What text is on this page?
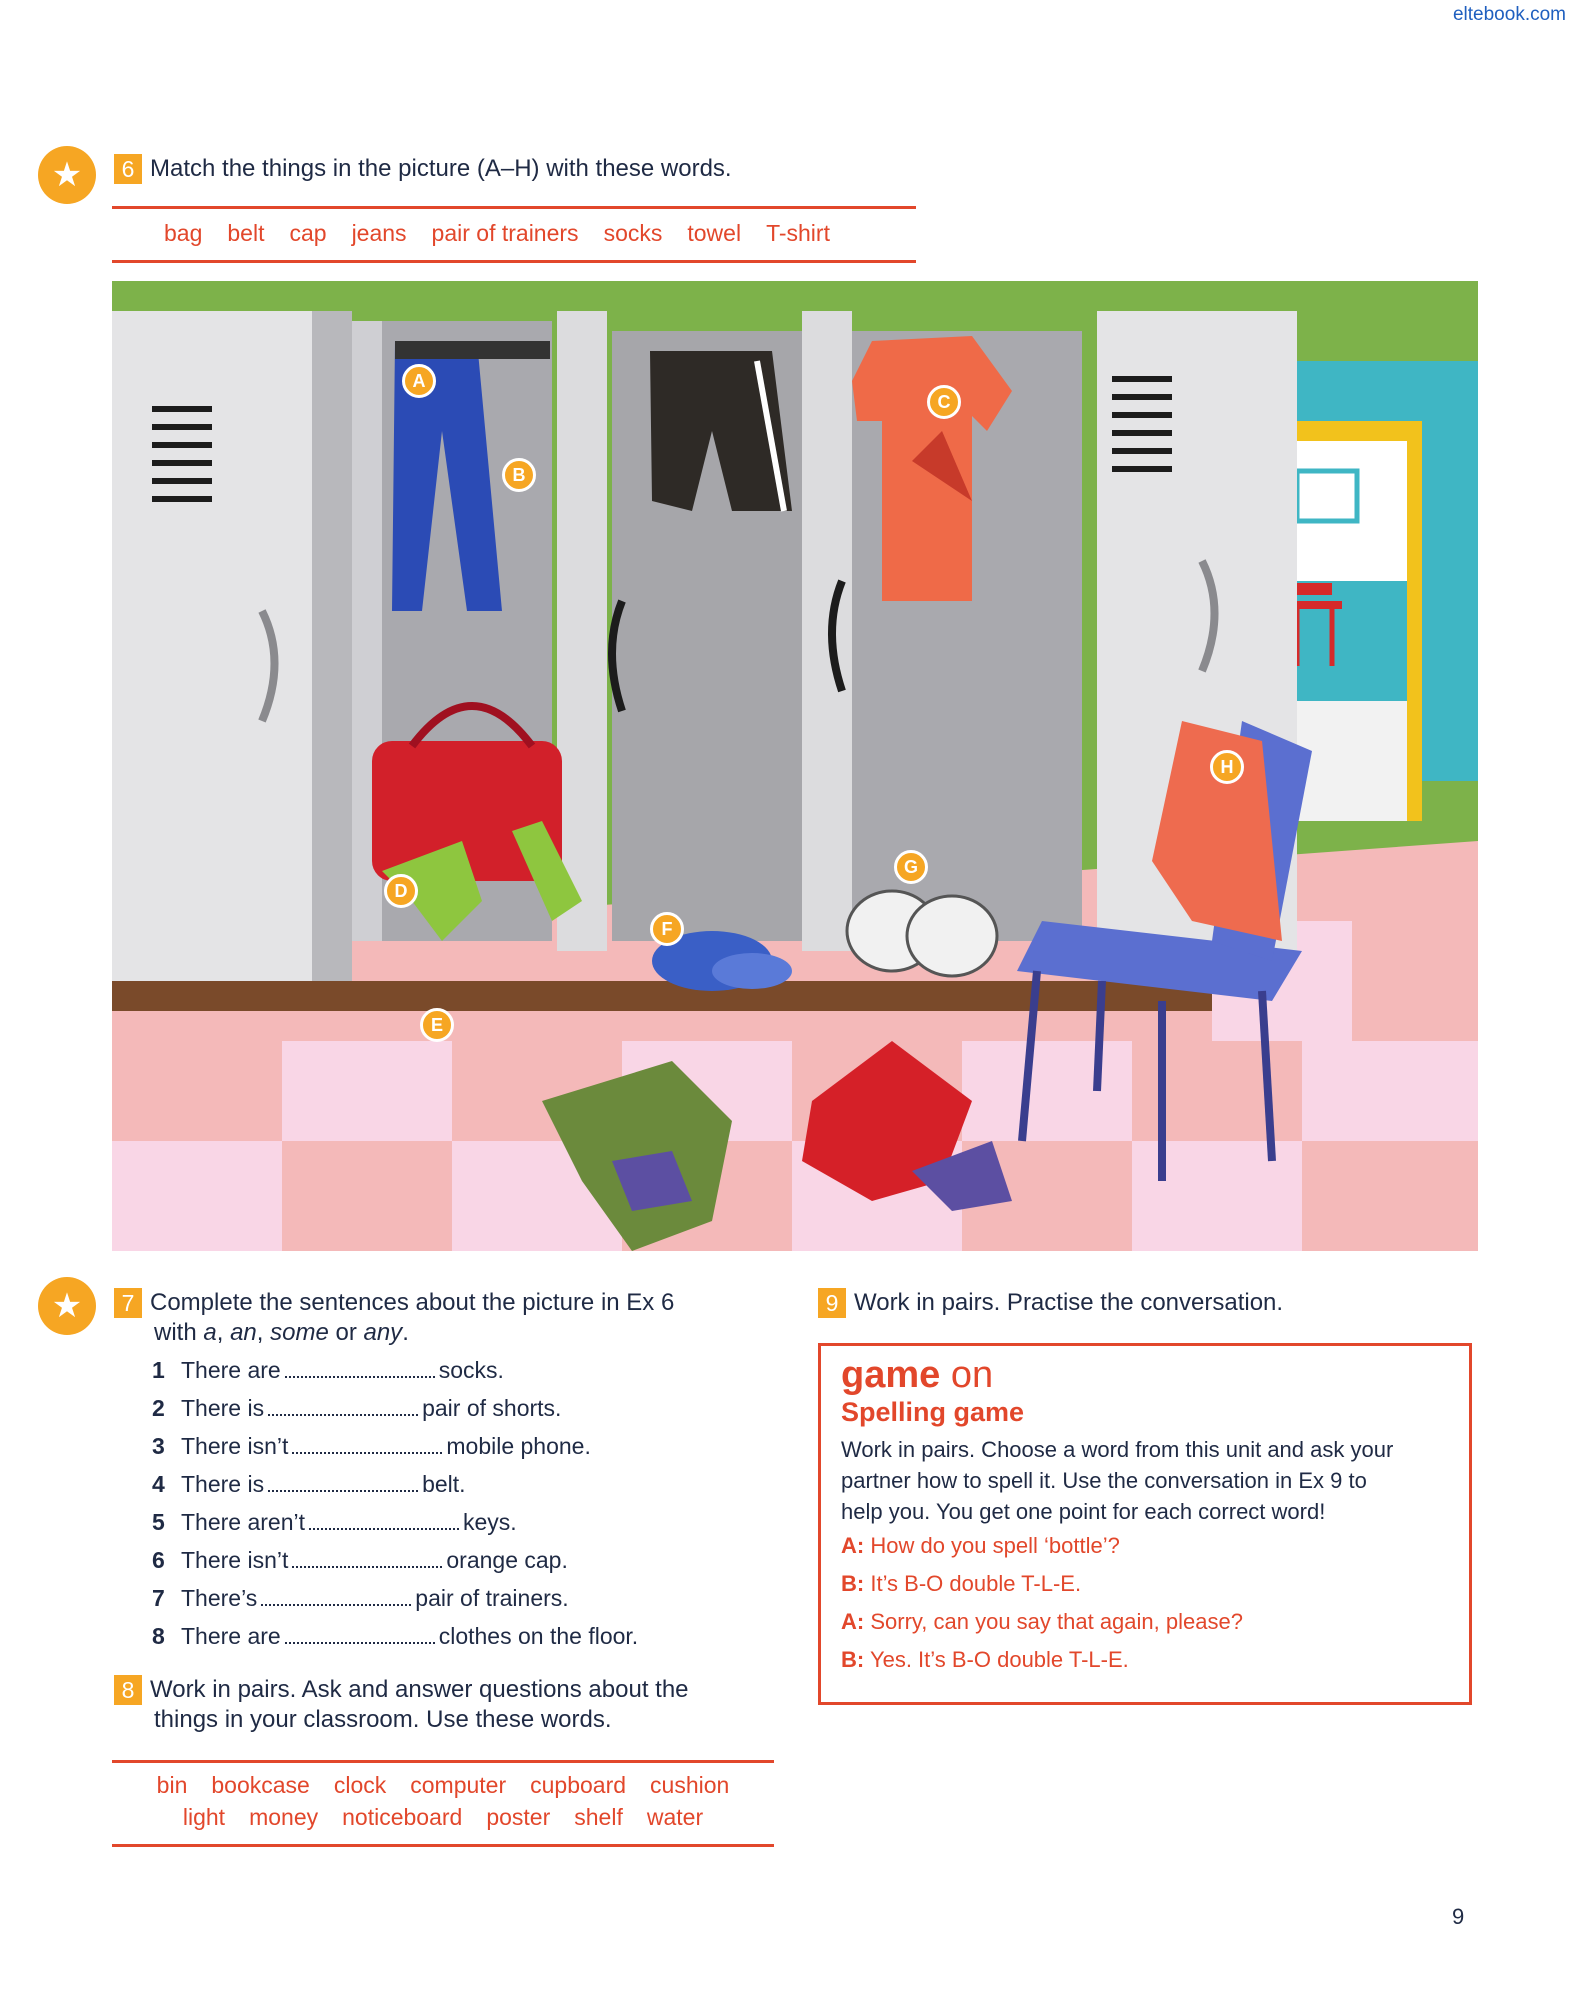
eltebook.com
★	6 Match the things in the picture (A–H) with these words.
bag belt cap jeans pair of trainers socks towel T-shirt
A
B
C
D
E
F
G
H
★	7 Complete the sentences about the picture in Ex 6
with a, an, some or any.
1 There are	socks.
2 There is	pair of shorts.
3 There isn’t	mobile phone.
4 There is	belt.
5 There aren’t	keys.
6 There isn’t	orange cap.
7 There’s	pair of trainers.
8 There are	clothes on the floor.
8 Work in pairs. Ask and answer questions about the
things in your classroom. Use these words.
bin bookcase clock computer cupboard cushion
light money noticeboard poster shelf water
9 Work in pairs. Practise the conversation.
game on
Spelling game
Work in pairs. Choose a word from this unit and ask your
partner how to spell it. Use the conversation in Ex 9 to
help you. You get one point for each correct word!
A: How do you spell ‘bottle’?
B: It’s B-O double T-L-E.
A: Sorry, can you say that again, please?
B: Yes. It’s B-O double T-L-E.
9
